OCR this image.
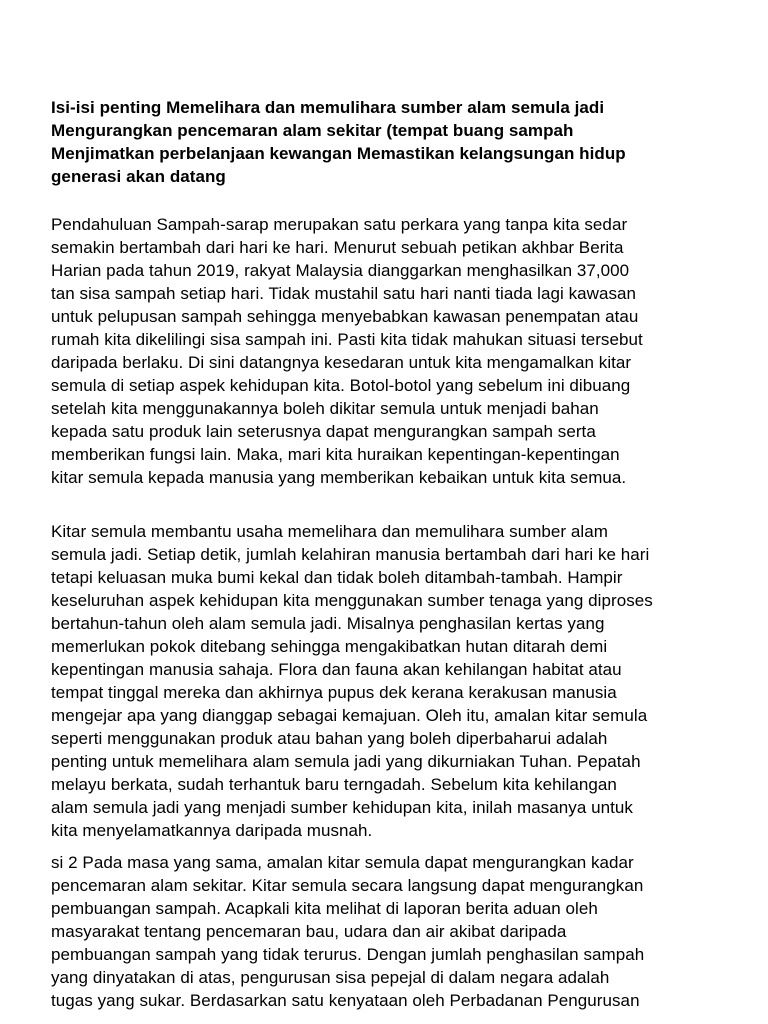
Isi-isi penting Memelihara dan memulihara sumber alam semula jadi
Mengurangkan pencemaran alam sekitar (tempat buang sampah
Menjimatkan perbelanjaan kewangan Memastikan kelangsungan hidup
generasi akan datang
Pendahuluan Sampah-sarap merupakan satu perkara yang tanpa kita sedar
semakin bertambah dari hari ke hari. Menurut sebuah petikan akhbar Berita
Harian pada tahun 2019, rakyat Malaysia dianggarkan menghasilkan 37,000
tan sisa sampah setiap hari. Tidak mustahil satu hari nanti tiada lagi kawasan
untuk pelupusan sampah sehingga menyebabkan kawasan penempatan atau
rumah kita dikelilingi sisa sampah ini. Pasti kita tidak mahukan situasi tersebut
daripada berlaku. Di sini datangnya kesedaran untuk kita mengamalkan kitar
semula di setiap aspek kehidupan kita. Botol-botol yang sebelum ini dibuang
setelah kita menggunakannya boleh dikitar semula untuk menjadi bahan
kepada satu produk lain seterusnya dapat mengurangkan sampah serta
memberikan fungsi lain. Maka, mari kita huraikan kepentingan-kepentingan
kitar semula kepada manusia yang memberikan kebaikan untuk kita semua.
Kitar semula membantu usaha memelihara dan memulihara sumber alam
semula jadi. Setiap detik, jumlah kelahiran manusia bertambah dari hari ke hari
tetapi keluasan muka bumi kekal dan tidak boleh ditambah-tambah. Hampir
keseluruhan aspek kehidupan kita menggunakan sumber tenaga yang diproses
bertahun-tahun oleh alam semula jadi. Misalnya penghasilan kertas yang
memerlukan pokok ditebang sehingga mengakibatkan hutan ditarah demi
kepentingan manusia sahaja. Flora dan fauna akan kehilangan habitat atau
tempat tinggal mereka dan akhirnya pupus dek kerana kerakusan manusia
mengejar apa yang dianggap sebagai kemajuan. Oleh itu, amalan kitar semula
seperti menggunakan produk atau bahan yang boleh diperbaharui adalah
penting untuk memelihara alam semula jadi yang dikurniakan Tuhan. Pepatah
melayu berkata, sudah terhantuk baru terngadah. Sebelum kita kehilangan
alam semula jadi yang menjadi sumber kehidupan kita, inilah masanya untuk
kita menyelamatkannya daripada musnah.
si 2 Pada masa yang sama, amalan kitar semula dapat mengurangkan kadar
pencemaran alam sekitar. Kitar semula secara langsung dapat mengurangkan
pembuangan sampah. Acapkali kita melihat di laporan berita aduan oleh
masyarakat tentang pencemaran bau, udara dan air akibat daripada
pembuangan sampah yang tidak terurus. Dengan jumlah penghasilan sampah
yang dinyatakan di atas, pengurusan sisa pepejal di dalam negara adalah
tugas yang sukar. Berdasarkan satu kenyataan oleh Perbadanan Pengurusan
